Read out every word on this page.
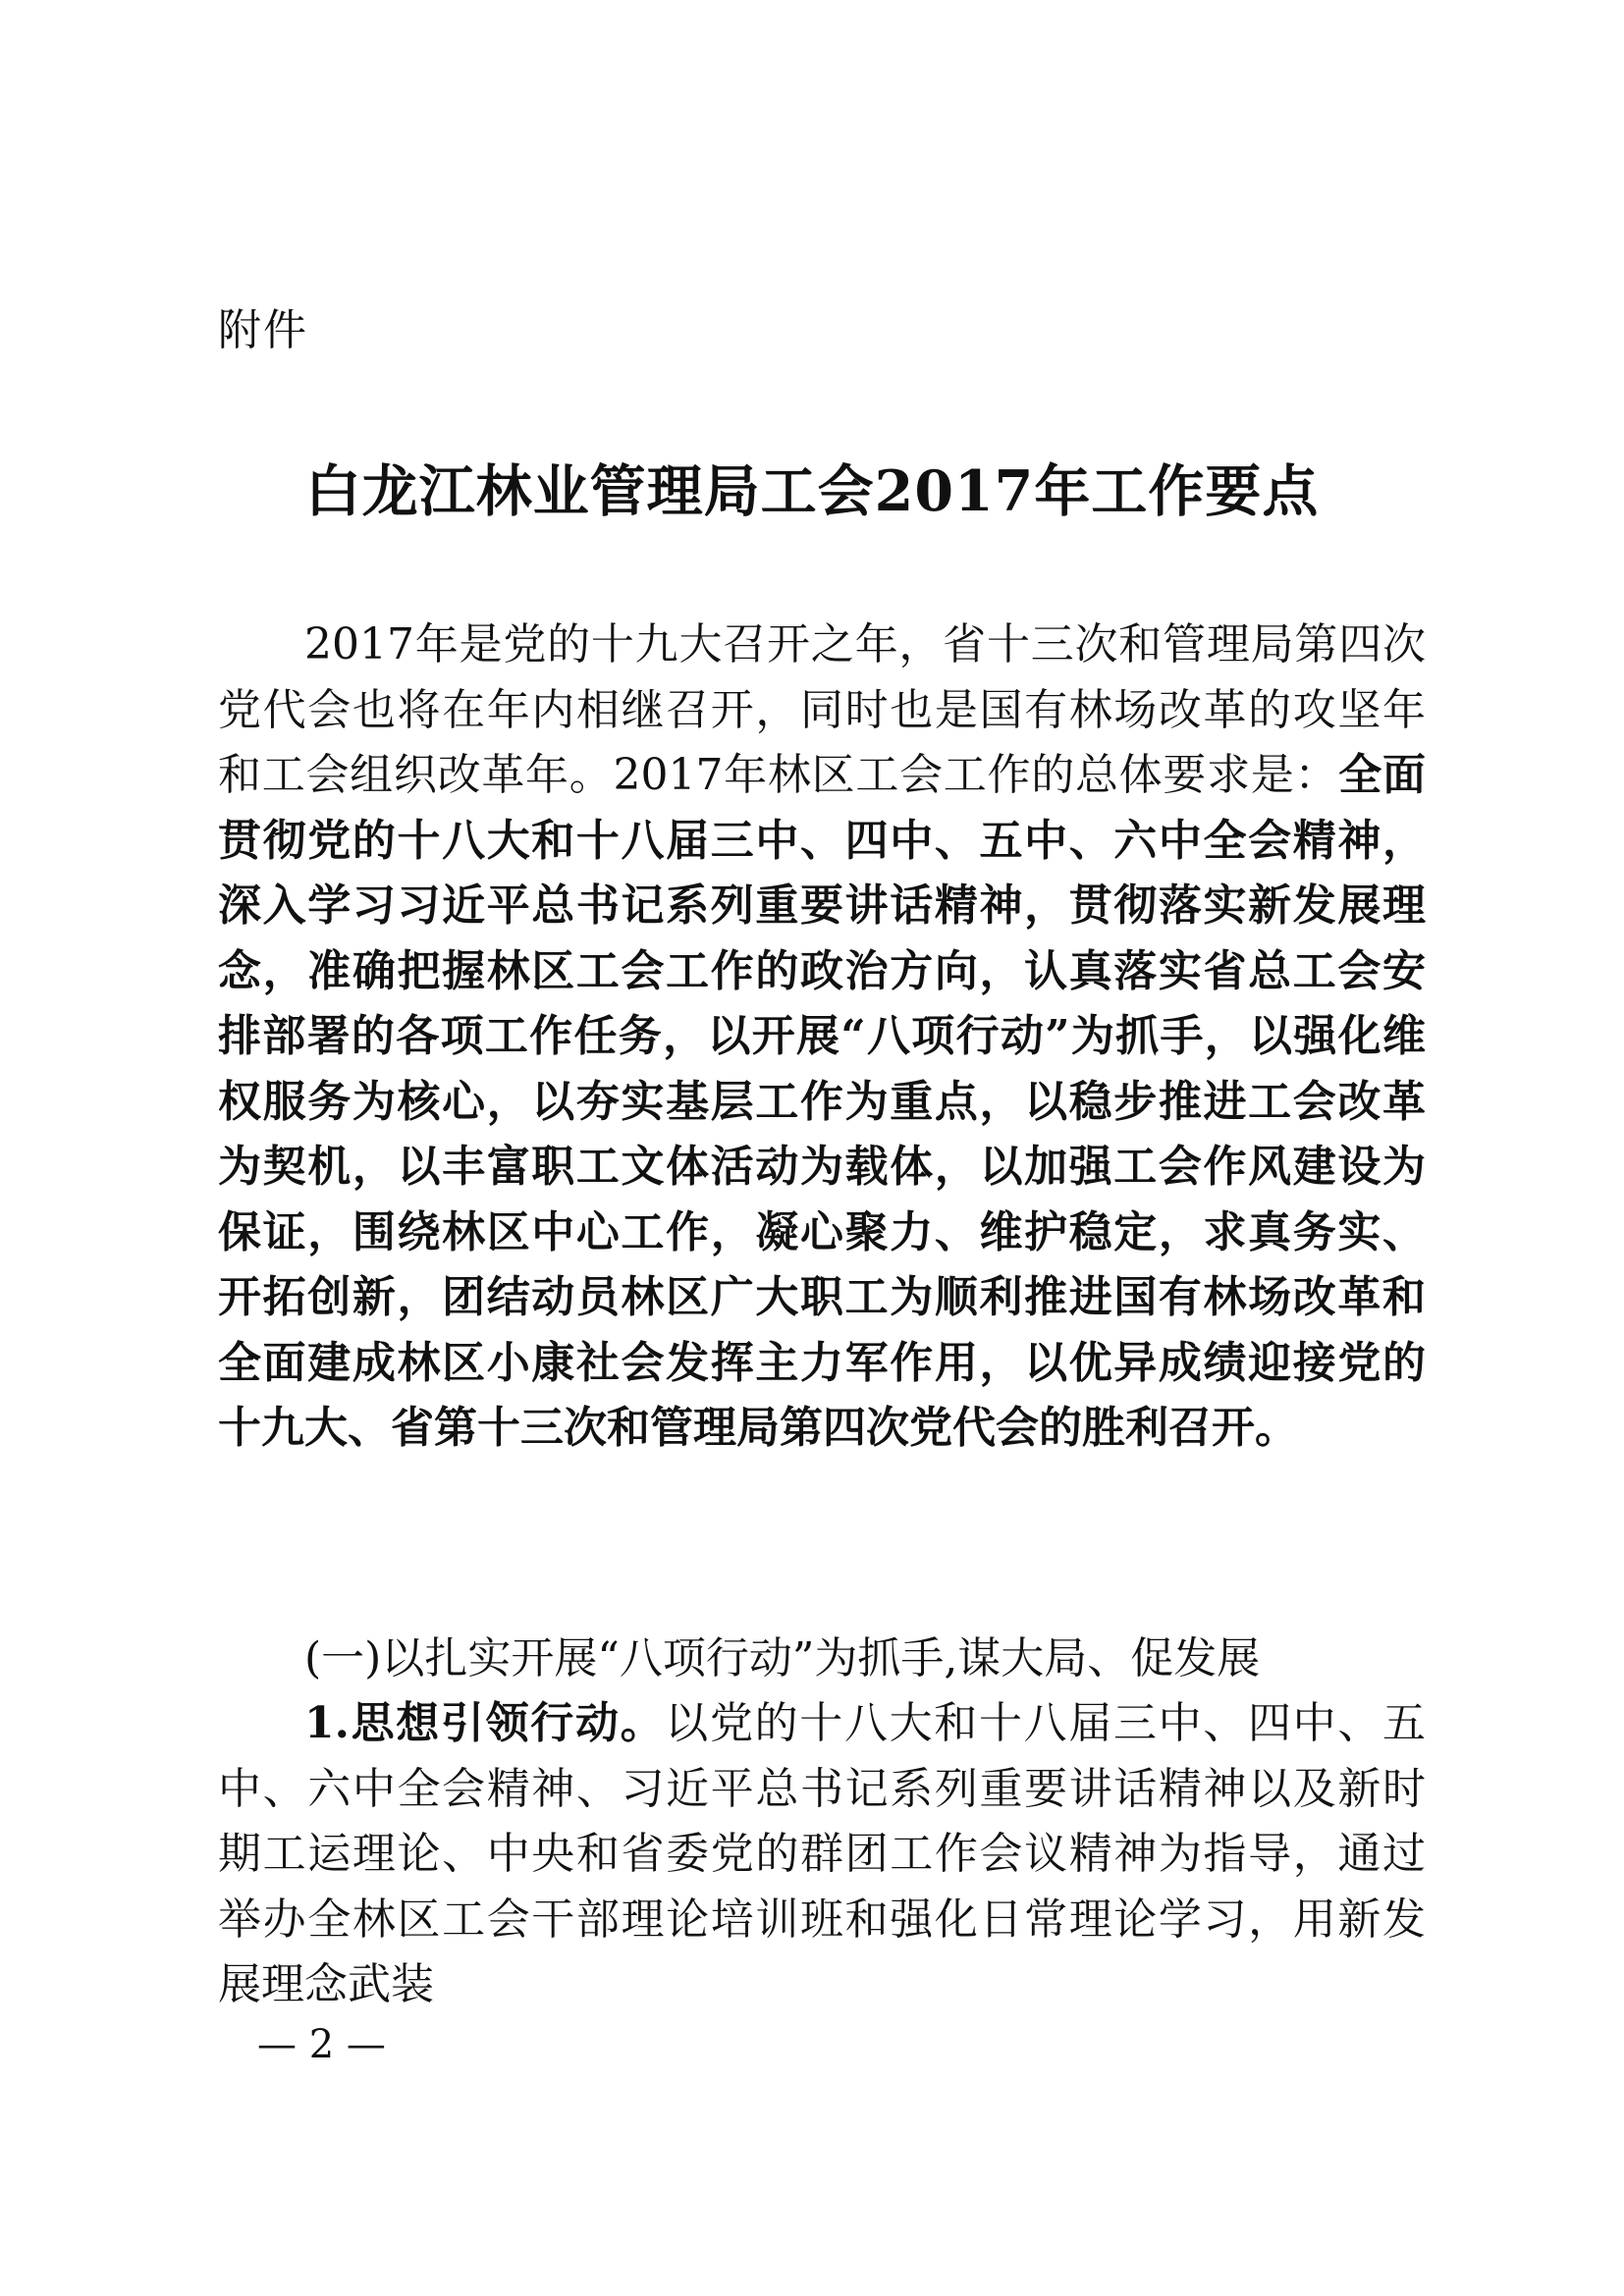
附件
白龙江林业管理局工会2017年工作要点
2017年是党的十九大召开之年，省十三次和管理局第四次党代会也将在年内相继召开，同时也是国有林场改革的攻坚年和工会组织改革年。2017年林区工会工作的总体要求是：全面贯彻党的十八大和十八届三中、四中、五中、六中全会精神，深入学习习近平总书记系列重要讲话精神，贯彻落实新发展理念，准确把握林区工会工作的政治方向，认真落实省总工会安排部署的各项工作任务，以开展“八项行动”为抓手，以强化维权服务为核心，以夯实基层工作为重点，以稳步推进工会改革为契机，以丰富职工文体活动为载体，以加强工会作风建设为保证，围绕林区中心工作，凝心聚力、维护稳定，求真务实、开拓创新，团结动员林区广大职工为顺利推进国有林场改革和全面建成林区小康社会发挥主力军作用，以优异成绩迎接党的十九大、省第十三次和管理局第四次党代会的胜利召开。
(一)以扎实开展“八项行动”为抓手,谋大局、促发展
1.思想引领行动。以党的十八大和十八届三中、四中、五中、六中全会精神、习近平总书记系列重要讲话精神以及新时期工运理论、中央和省委党的群团工作会议精神为指导，通过举办全林区工会干部理论培训班和强化日常理论学习，用新发展理念武装
— 2 —
